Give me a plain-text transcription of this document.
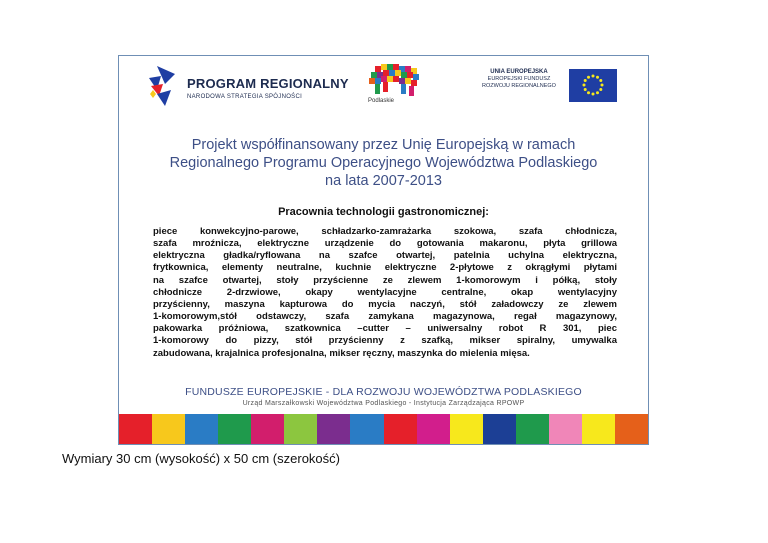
PROGRAM REGIONALNY
NARODOWA STRATEGIA SPÓJNOŚCI
Podlaskie
UNIA EUROPEJSKA
EUROPEJSKI FUNDUSZ
ROZWOJU REGIONALNEGO
Projekt współfinansowany przez Unię Europejską w ramach
Regionalnego Programu Operacyjnego Województwa Podlaskiego
na lata 2007-2013
Pracownia technologii gastronomicznej:
piece konwekcyjno-parowe, schładzarko-zamrażarka szokowa, szafa chłodnicza,
szafa mroźnicza, elektryczne urządzenie do gotowania makaronu, płyta grillowa
elektryczna gładka/ryflowana na szafce otwartej, patelnia uchylna elektryczna,
frytkownica, elementy neutralne, kuchnie elektryczne 2-płytowe z okrągłymi płytami
na szafce otwartej, stoły przyścienne ze zlewem 1-komorowym i półką, stoły
chłodnicze 2-drzwiowe, okapy wentylacyjne centralne, okap wentylacyjny
przyścienny, maszyna kapturowa do mycia naczyń, stół załadowczy ze zlewem
1-komorowym,stół odstawczy, szafa zamykana magazynowa, regał magazynowy,
pakowarka próżniowa, szatkownica –cutter – uniwersalny robot R 301, piec
1-komorowy do pizzy, stół przyścienny z szafką, mikser spiralny, umywalka
zabudowana, krajalnica profesjonalna, mikser ręczny, maszynka do mielenia mięsa.
FUNDUSZE EUROPEJSKIE - DLA ROZWOJU WOJEWÓDZTWA PODLASKIEGO
Urząd Marszałkowski Województwa Podlaskiego - Instytucja Zarządzająca RPOWP
Wymiary 30 cm (wysokość) x 50 cm (szerokość)
